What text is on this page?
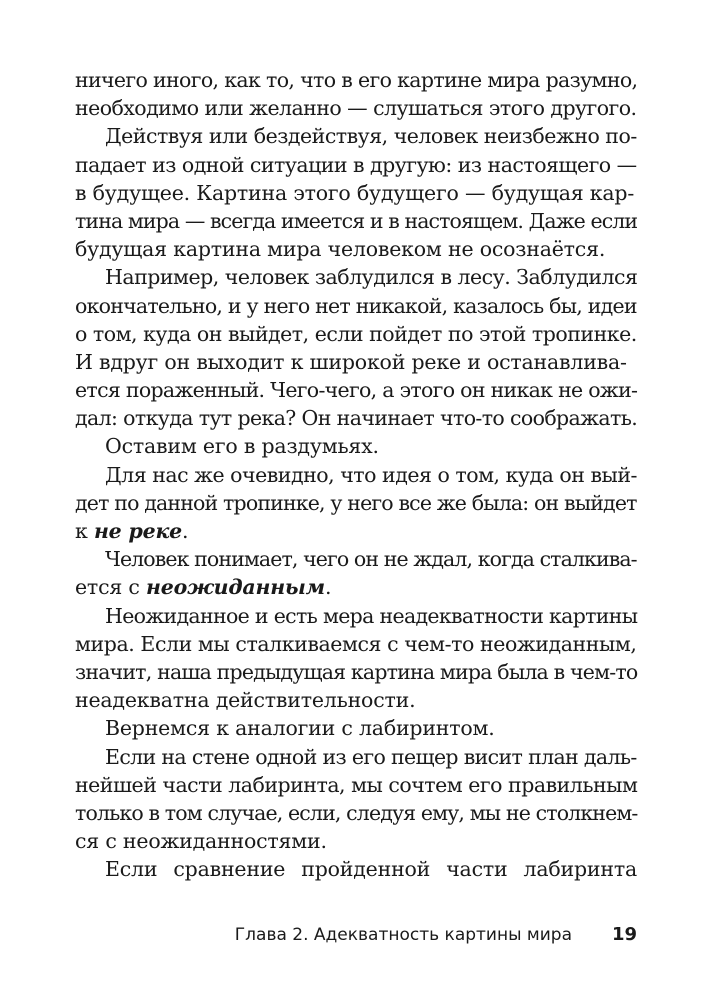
ничего иного, как то, что в его картине мира разумно,
необходимо или желанно — слушаться этого другого.
Действуя или бездействуя, человек неизбежно по-
падает из одной ситуации в другую: из настоящего —
в будущее. Картина этого будущего — будущая кар-
тина мира — всегда имеется и в настоящем. Даже если
будущая картина мира человеком не осознаётся.
Например, человек заблудился в лесу. Заблудился
окончательно, и у него нет никакой, казалось бы, идеи
о том, куда он выйдет, если пойдет по этой тропинке.
И вдруг он выходит к широкой реке и останавлива-
ется пораженный. Чего-чего, а этого он никак не ожи-
дал: откуда тут река? Он начинает что-то соображать.
Оставим его в раздумьях.
Для нас же очевидно, что идея о том, куда он вый-
дет по данной тропинке, у него все же была: он выйдет
к не реке.
Человек понимает, чего он не ждал, когда сталкива-
ется с неожиданным.
Неожиданное и есть мера неадекватности картины
мира. Если мы сталкиваемся с чем-то неожиданным,
значит, наша предыдущая картина мира была в чем-то
неадекватна действительности.
Вернемся к аналогии с лабиринтом.
Если на стене одной из его пещер висит план даль-
нейшей части лабиринта, мы сочтем его правильным
только в том случае, если, следуя ему, мы не столкнем-
ся с неожиданностями.
Если сравнение пройденной части лабиринта
Глава 2. Адекватность картины мира 19
